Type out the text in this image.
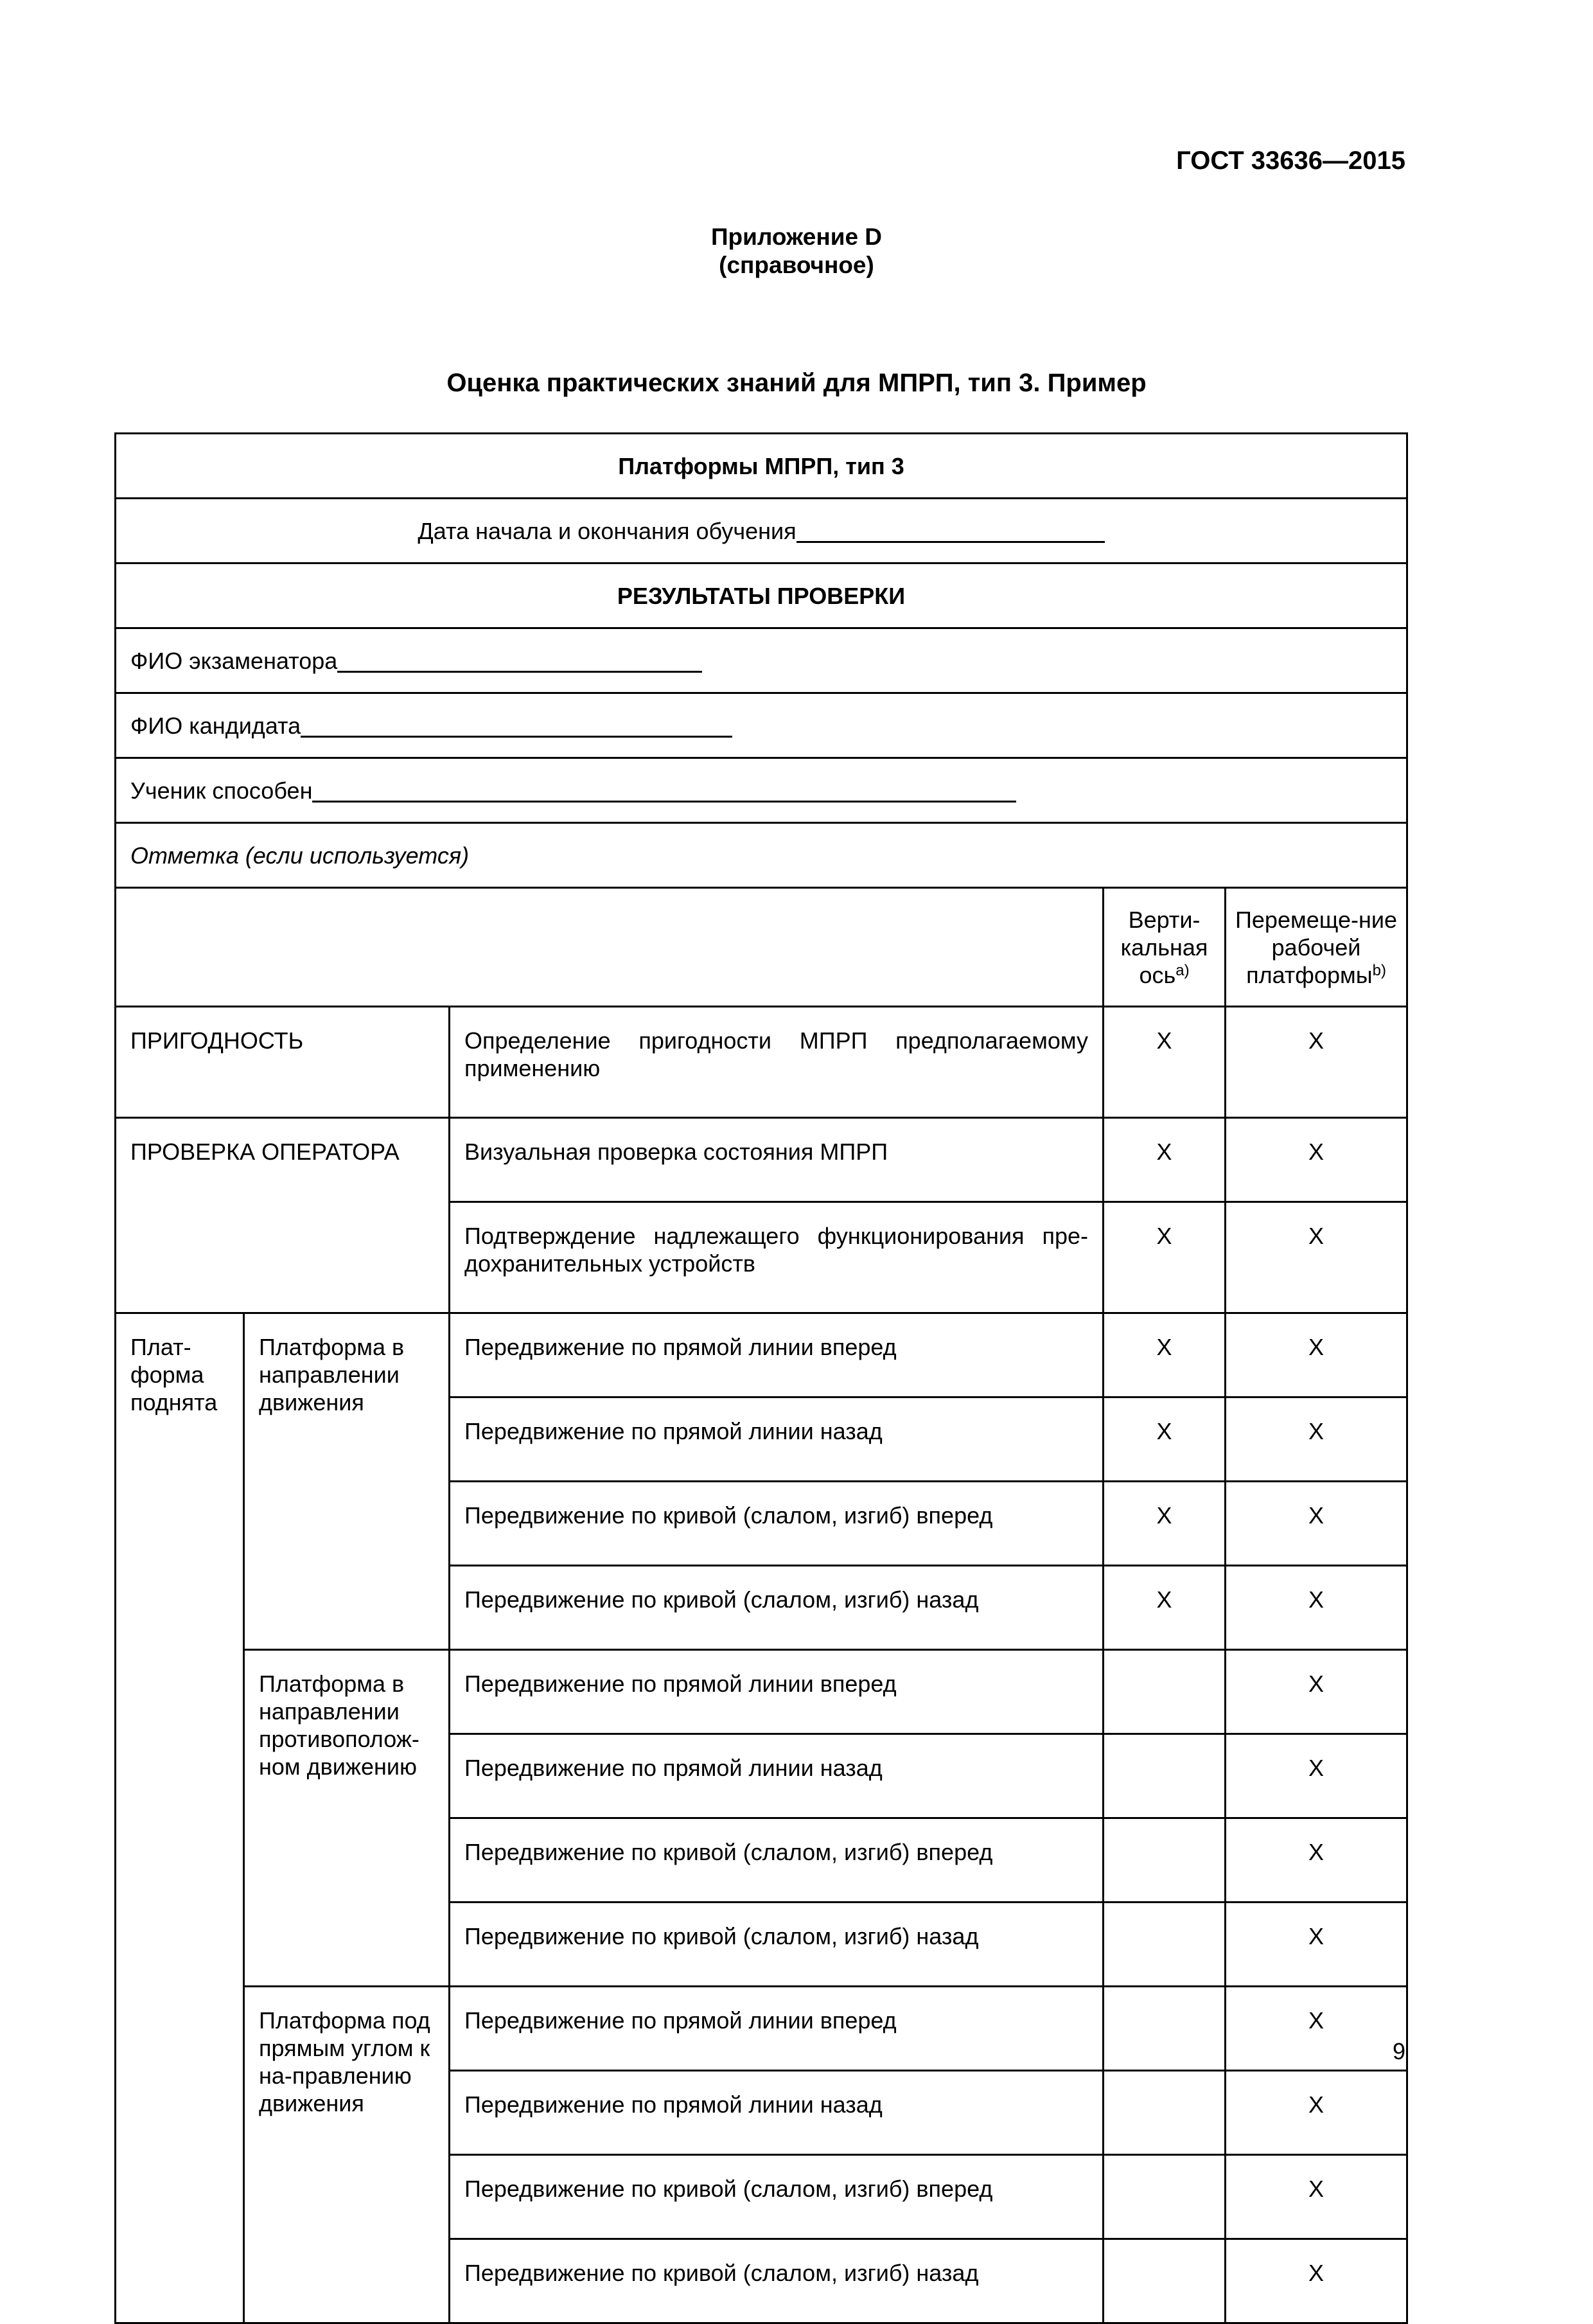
ГОСТ 33636—2015
Приложение D
(справочное)
Оценка практических знаний для МПРП, тип 3. Пример
Платформы МПРП, тип 3				
Дата начала и окончания обучения				
РЕЗУЛЬТАТЫ ПРОВЕРКИ				
ФИО экзаменатора				
ФИО кандидата				
Ученик способен				
Отметка (если используется)				
			Верти-кальная ось$^{а)}$	Перемеще-ние рабочей платформы$^{b)}$
ПРИГОДНОСТЬ		Определение пригодности МПРП предполагаемому применению	X	X
ПРОВЕРКА ОПЕРАТОРА		Визуальная проверка состояния МПРП	X	X
		Подтверждение надлежащего функционирования пре-дохранительных устройств	X	X
Плат-форма поднята	Платформа в направлении движения	Передвижение по прямой линии вперед	X	X
		Передвижение по прямой линии назад	X	X
		Передвижение по кривой (слалом, изгиб) вперед	X	X
		Передвижение по кривой (слалом, изгиб) назад	X	X
	Платформа в направлении противополож-ном движению	Передвижение по прямой линии вперед		X
		Передвижение по прямой линии назад		X
		Передвижение по кривой (слалом, изгиб) вперед		X
		Передвижение по кривой (слалом, изгиб) назад		X
	Платформа под прямым углом к на-правлению движения	Передвижение по прямой линии вперед		X
		Передвижение по прямой линии назад		X
		Передвижение по кривой (слалом, изгиб) вперед		X
		Передвижение по кривой (слалом, изгиб) назад		X
9
